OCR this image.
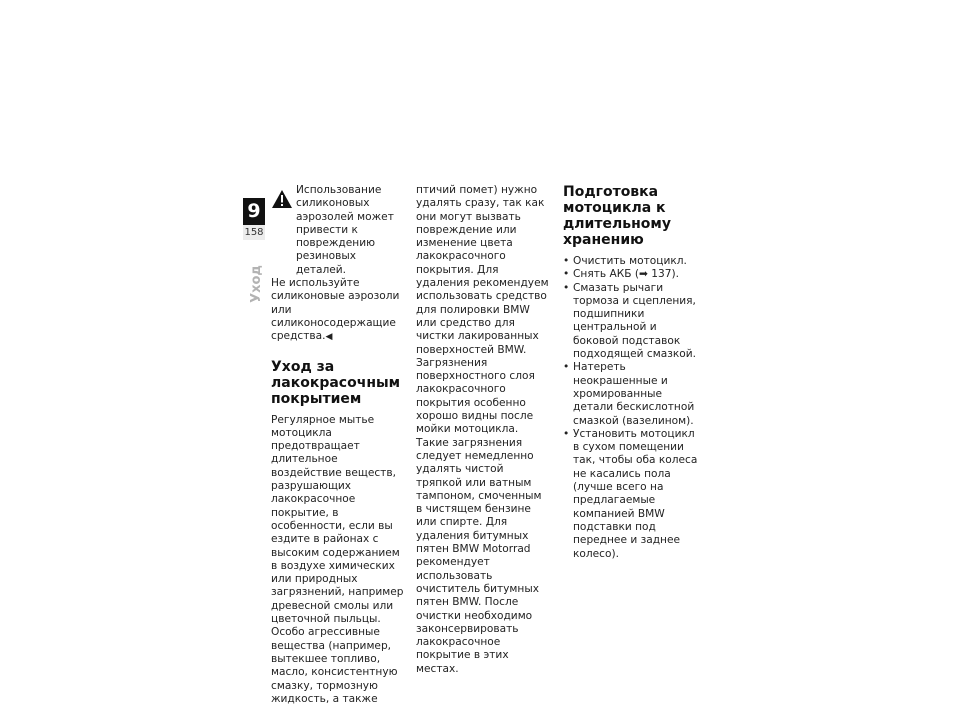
9
158
Уход

Использование силиконовых аэрозолей может привести к повреждению резиновых деталей.

Не используйте силиконовые аэрозоли или силиконосодержащие средства.◀

Уход за лакокрасочным покрытием

Регулярное мытье мотоцикла предотвращает длительное воздействие веществ, разрушающих лакокрасочное покрытие, в особенности, если вы ездите в районах с высоким содержанием в воздухе химических или природных загрязнений, например древесной смолы или цветочной пыльцы.

Особо агрессивные вещества (например, вытекшее топливо, масло, консистентную смазку, тормозную жидкость, а также

птичий помет) нужно удалять сразу, так как они могут вызвать повреждение или изменение цвета лакокрасочного покрытия. Для удаления рекомендуем использовать средство для полировки BMW или средство для чистки лакированных поверхностей BMW.

Загрязнения поверхностного слоя лакокрасочного покрытия особенно хорошо видны после мойки мотоцикла. Такие загрязнения следует немедленно удалять чистой тряпкой или ватным тампоном, смоченным в чистящем бензине или спирте. Для удаления битумных пятен BMW Motorrad рекомендует использовать очиститель битумных пятен BMW. После очистки необходимо законсервировать лакокрасочное покрытие в этих местах.

Подготовка мотоцикла к длительному хранению
• Очистить мотоцикл.
• Снять АКБ (➡ 137).
• Смазать рычаги тормоза и сцепления, подшипники центральной и боковой подставок подходящей смазкой.
• Натереть неокрашенные и хромированные детали бескислотной смазкой (вазелином).
• Установить мотоцикл в сухом помещении так, чтобы оба колеса не касались пола (лучше всего на предлагаемые компанией BMW подставки под переднее и заднее колесо).
